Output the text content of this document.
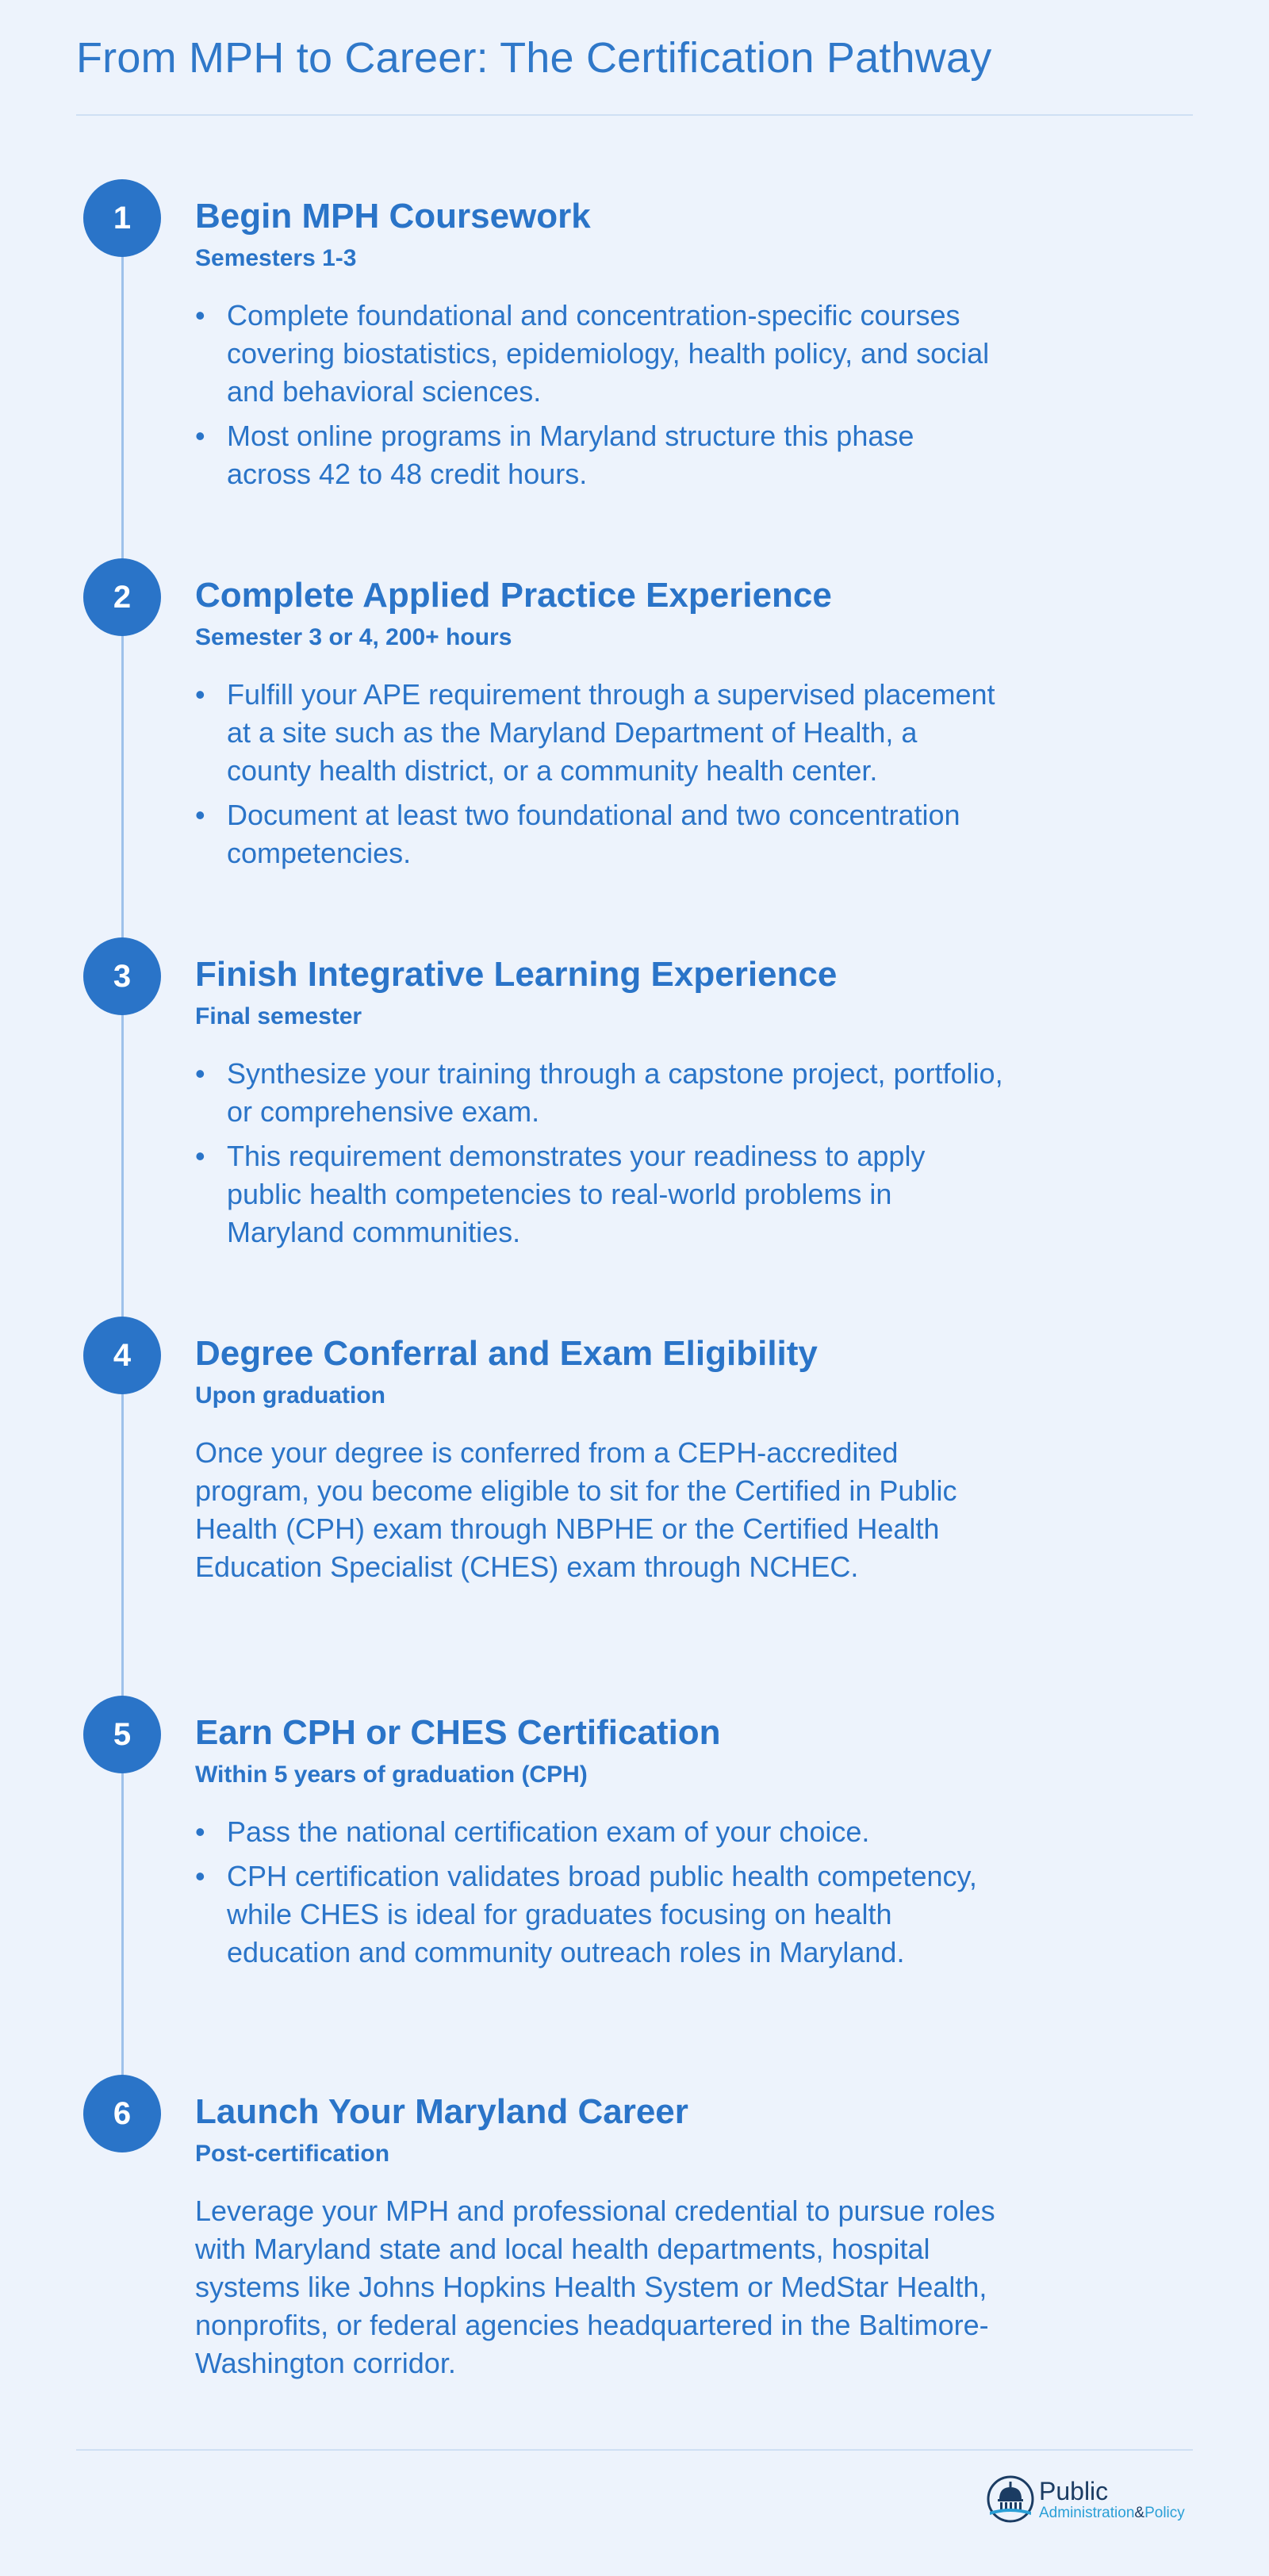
From MPH to Career: The Certification Pathway
1	Begin MPH Coursework
Semesters 1-3
• Complete foundational and concentration-specific courses covering biostatistics, epidemiology, health policy, and social and behavioral sciences.
• Most online programs in Maryland structure this phase across 42 to 48 credit hours.
2	Complete Applied Practice Experience
Semester 3 or 4, 200+ hours
• Fulfill your APE requirement through a supervised placement at a site such as the Maryland Department of Health, a county health district, or a community health center.
• Document at least two foundational and two concentration competencies.
3	Finish Integrative Learning Experience
Final semester
• Synthesize your training through a capstone project, portfolio, or comprehensive exam.
• This requirement demonstrates your readiness to apply public health competencies to real-world problems in Maryland communities.
4	Degree Conferral and Exam Eligibility
Upon graduation
Once your degree is conferred from a CEPH-accredited program, you become eligible to sit for the Certified in Public Health (CPH) exam through NBPHE or the Certified Health Education Specialist (CHES) exam through NCHEC.
5	Earn CPH or CHES Certification
Within 5 years of graduation (CPH)
• Pass the national certification exam of your choice.
• CPH certification validates broad public health competency, while CHES is ideal for graduates focusing on health education and community outreach roles in Maryland.
6	Launch Your Maryland Career
Post-certification
Leverage your MPH and professional credential to pursue roles with Maryland state and local health departments, hospital systems like Johns Hopkins Health System or MedStar Health, nonprofits, or federal agencies headquartered in the Baltimore-Washington corridor.
Public
Administration&Policy
